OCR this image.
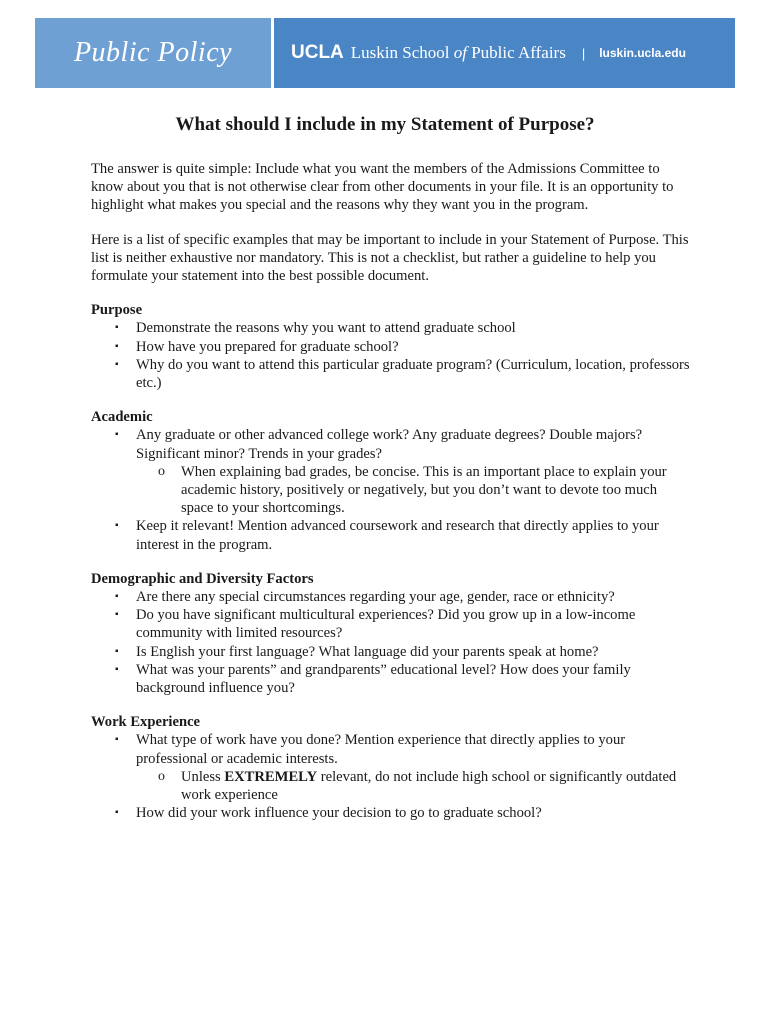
Public Policy	UCLA Luskin School of Public Affairs | luskin.ucla.edu
What should I include in my Statement of Purpose?

The answer is quite simple: Include what you want the members of the Admissions Committee to know about you that is not otherwise clear from other documents in your file. It is an opportunity to highlight what makes you special and the reasons why they want you in the program.

Here is a list of specific examples that may be important to include in your Statement of Purpose. This list is neither exhaustive nor mandatory. This is not a checklist, but rather a guideline to help you formulate your statement into the best possible document.

Purpose
▪ Demonstrate the reasons why you want to attend graduate school
▪ How have you prepared for graduate school?
▪ Why do you want to attend this particular graduate program? (Curriculum, location, professors etc.)
Academic
▪ Any graduate or other advanced college work? Any graduate degrees? Double majors? Significant minor? Trends in your grades?
o When explaining bad grades, be concise. This is an important place to explain your academic history, positively or negatively, but you don’t want to devote too much space to your shortcomings.
▪ Keep it relevant! Mention advanced coursework and research that directly applies to your interest in the program.
Demographic and Diversity Factors
▪ Are there any special circumstances regarding your age, gender, race or ethnicity?
▪ Do you have significant multicultural experiences? Did you grow up in a low-income community with limited resources?
▪ Is English your first language? What language did your parents speak at home?
▪ What was your parents” and grandparents” educational level? How does your family background influence you?
Work Experience
▪ What type of work have you done? Mention experience that directly applies to your professional or academic interests.
o Unless EXTREMELY relevant, do not include high school or significantly outdated work experience
▪ How did your work influence your decision to go to graduate school?
